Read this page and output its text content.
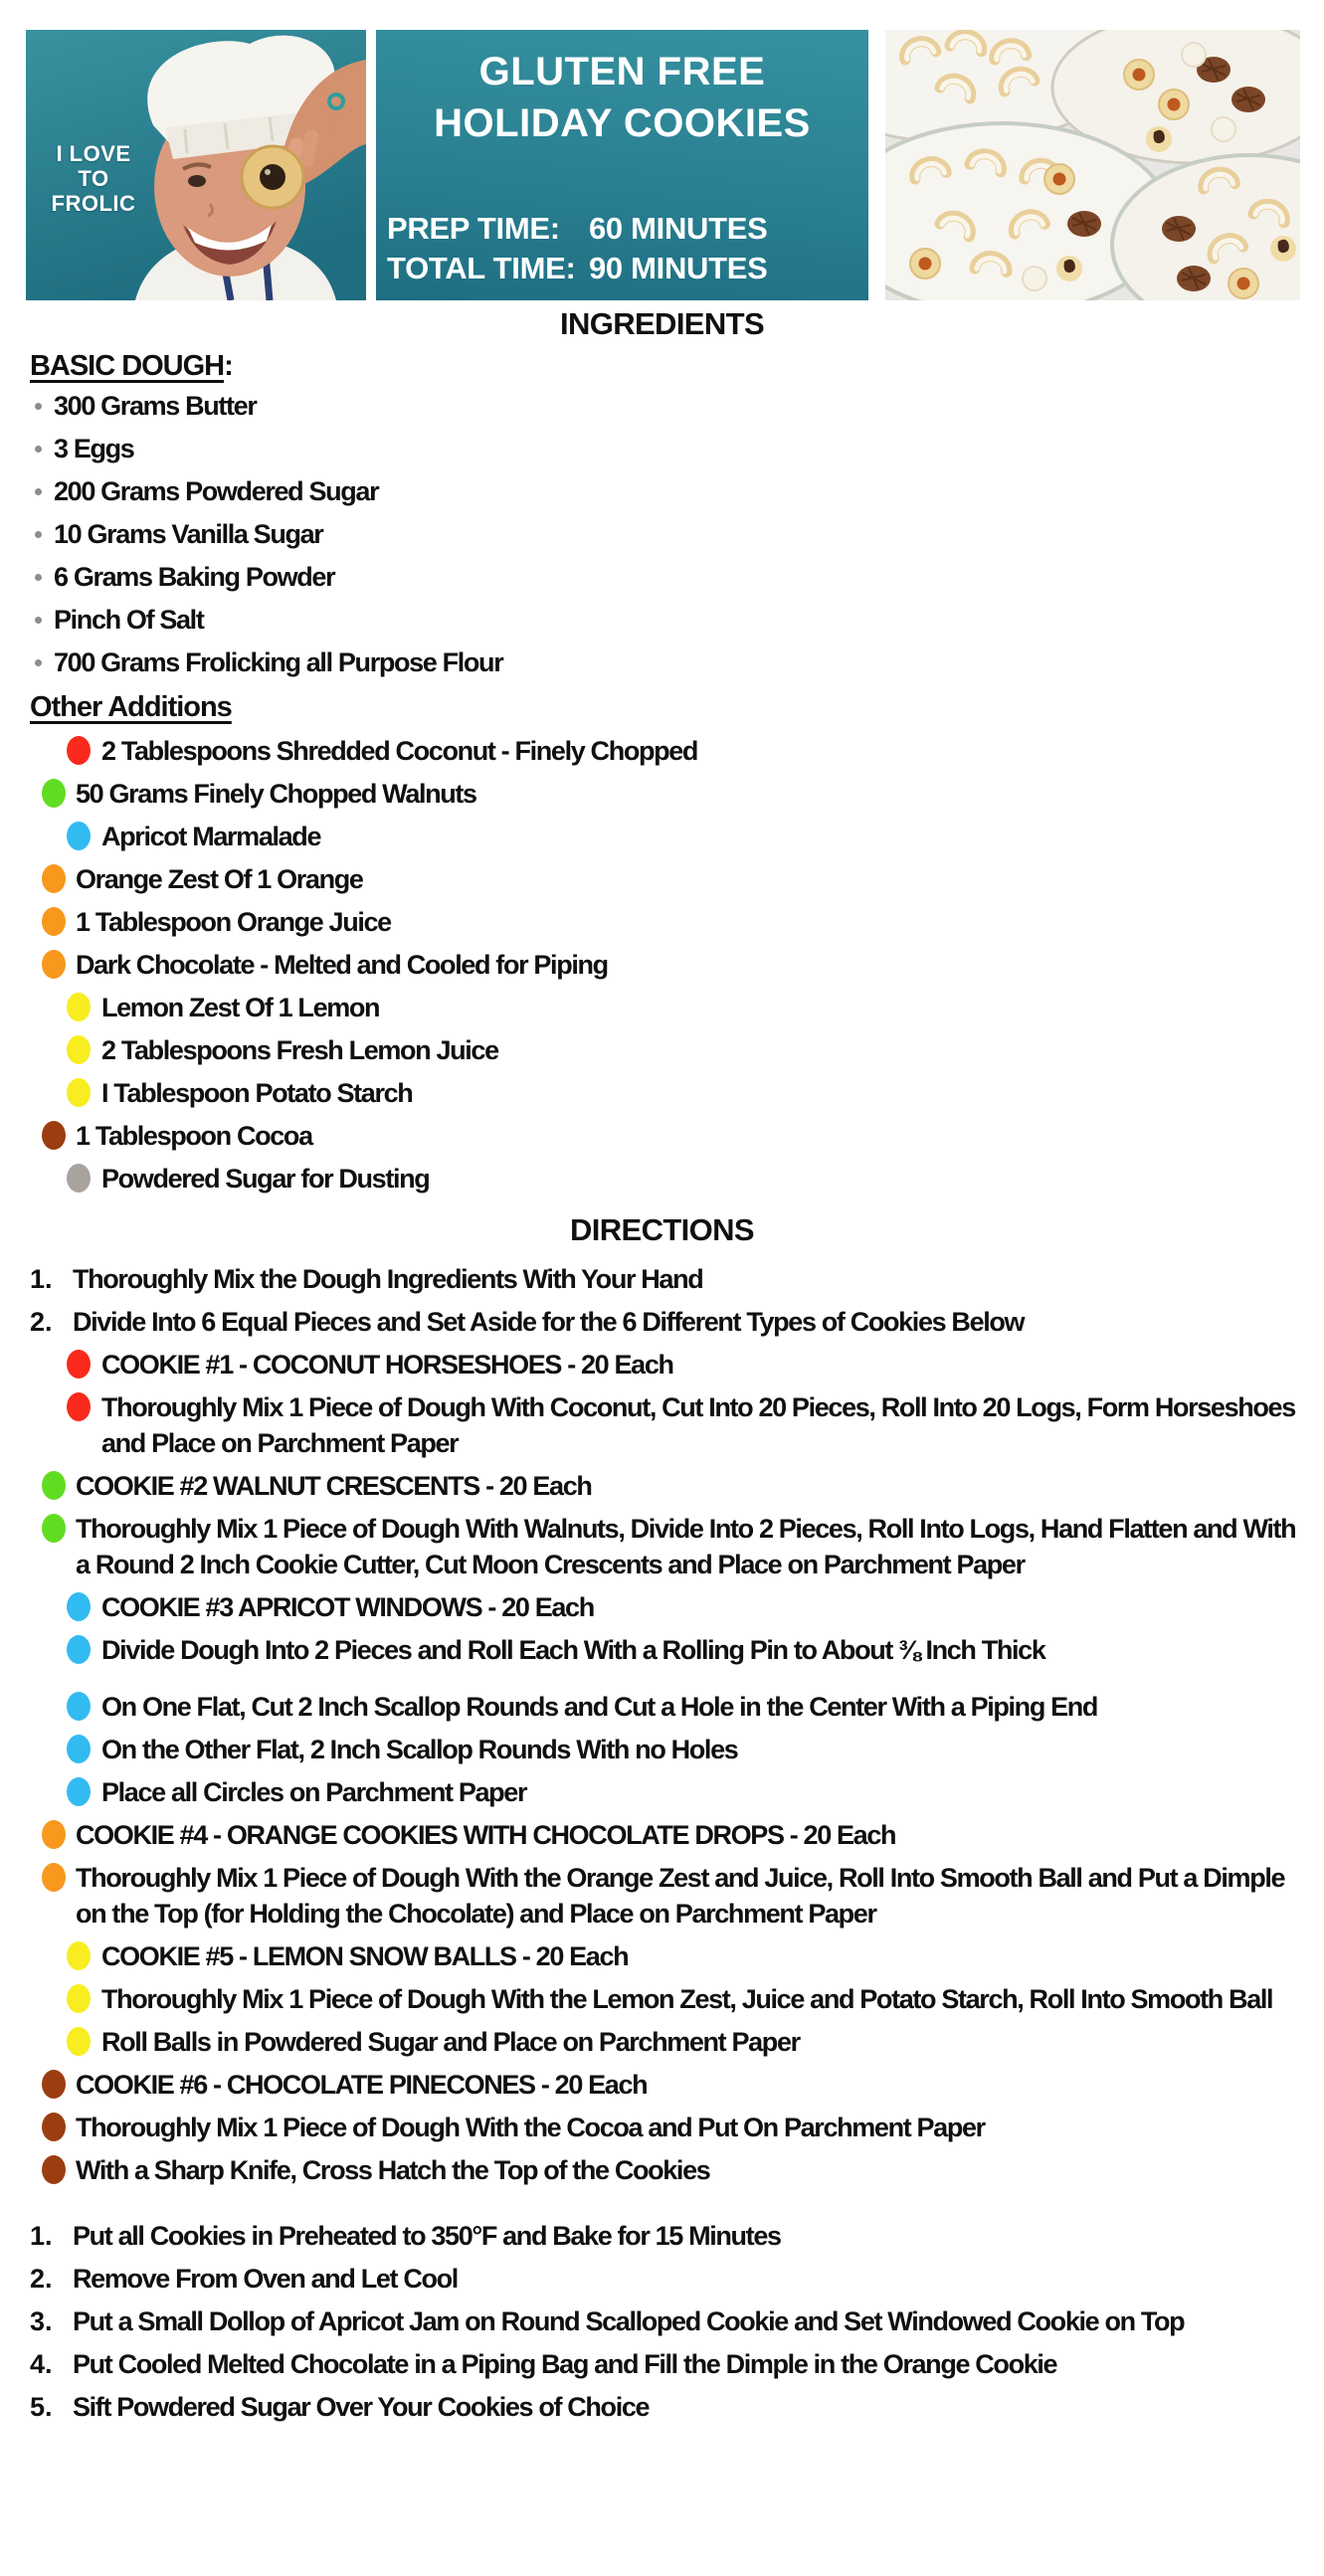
I LOVE
TO
FROLIC
GLUTEN FREE
HOLIDAY COOKIES
PREP TIME: 60 MINUTES
TOTAL TIME: 90 MINUTES
INGREDIENTS
BASIC DOUGH:
300 Grams Butter
3 Eggs
200 Grams Powdered Sugar
10 Grams Vanilla Sugar
6 Grams Baking Powder
Pinch Of Salt
700 Grams Frolicking all Purpose Flour
Other Additions
2 Tablespoons Shredded Coconut - Finely Chopped
50 Grams Finely Chopped Walnuts
Apricot Marmalade
Orange Zest Of 1 Orange
1 Tablespoon Orange Juice
Dark Chocolate - Melted and Cooled for Piping
Lemon Zest Of 1 Lemon
2 Tablespoons Fresh Lemon Juice
I Tablespoon Potato Starch
1 Tablespoon Cocoa
Powdered Sugar for Dusting
DIRECTIONS
1. Thoroughly Mix the Dough Ingredients With Your Hand
2. Divide Into 6 Equal Pieces and Set Aside for the 6 Different Types of Cookies Below
COOKIE #1 - COCONUT HORSESHOES - 20 Each
Thoroughly Mix 1 Piece of Dough With Coconut, Cut Into 20 Pieces, Roll Into 20 Logs, Form Horseshoes and Place on Parchment Paper
COOKIE #2 WALNUT CRESCENTS - 20 Each
Thoroughly Mix 1 Piece of Dough With Walnuts, Divide Into 2 Pieces, Roll Into Logs, Hand Flatten and With a Round 2 Inch Cookie Cutter, Cut Moon Crescents and Place on Parchment Paper
COOKIE #3 APRICOT WINDOWS - 20 Each
Divide Dough Into 2 Pieces and Roll Each With a Rolling Pin to About ⅜ Inch Thick
On One Flat, Cut 2 Inch Scallop Rounds and Cut a Hole in the Center With a Piping End
On the Other Flat, 2 Inch Scallop Rounds With no Holes
Place all Circles on Parchment Paper
COOKIE #4 - ORANGE COOKIES WITH CHOCOLATE DROPS - 20 Each
Thoroughly Mix 1 Piece of Dough With the Orange Zest and Juice, Roll Into Smooth Ball and Put a Dimple on the Top (for Holding the Chocolate) and Place on Parchment Paper
COOKIE #5 - LEMON SNOW BALLS - 20 Each
Thoroughly Mix 1 Piece of Dough With the Lemon Zest, Juice and Potato Starch, Roll Into Smooth Ball
Roll Balls in Powdered Sugar and Place on Parchment Paper
COOKIE #6 - CHOCOLATE PINECONES - 20 Each
Thoroughly Mix 1 Piece of Dough With the Cocoa and Put On Parchment Paper
With a Sharp Knife, Cross Hatch the Top of the Cookies
1. Put all Cookies in Preheated to 350°F and Bake for 15 Minutes
2. Remove From Oven and Let Cool
3. Put a Small Dollop of Apricot Jam on Round Scalloped Cookie and Set Windowed Cookie on Top
4. Put Cooled Melted Chocolate in a Piping Bag and Fill the Dimple in the Orange Cookie
5. Sift Powdered Sugar Over Your Cookies of Choice
